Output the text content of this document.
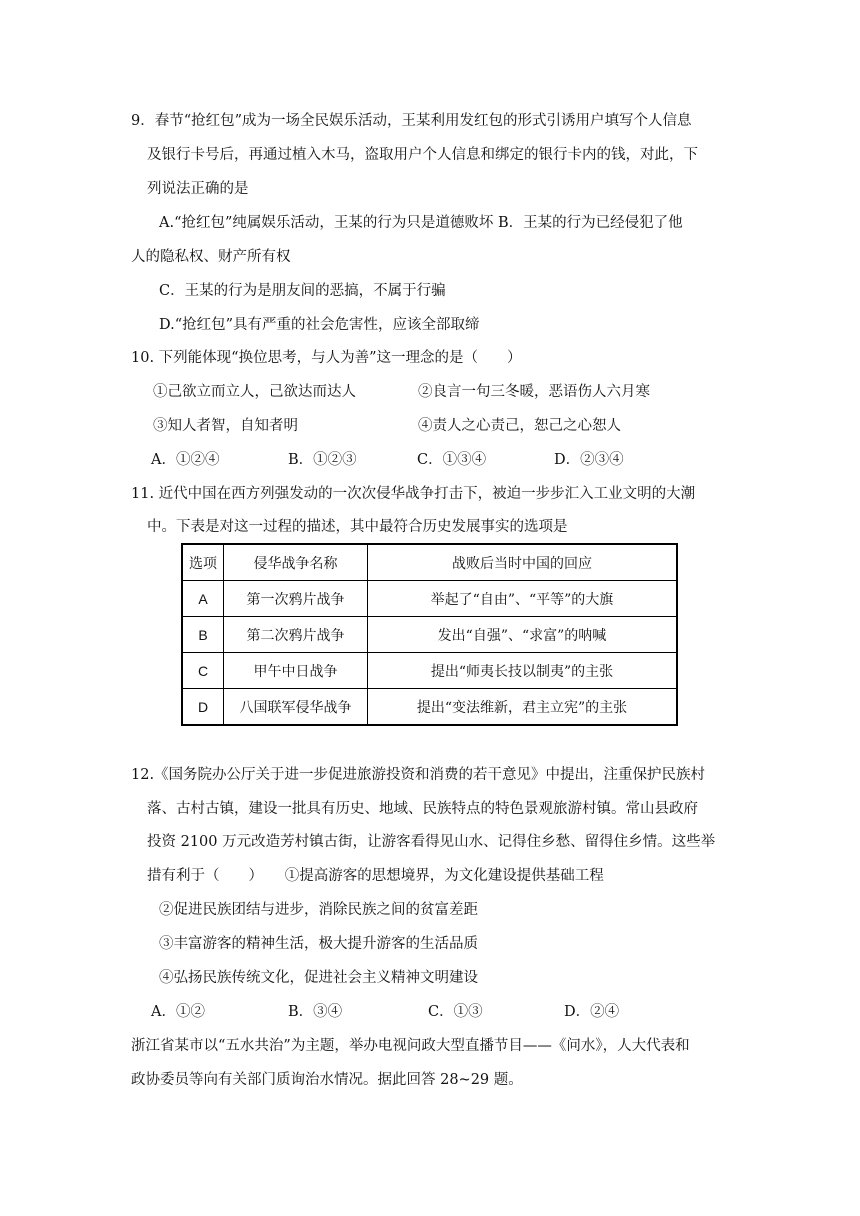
9．春节“抢红包”成为一场全民娱乐活动，王某利用发红包的形式引诱用户填写个人信息
及银行卡号后，再通过植入木马，盗取用户个人信息和绑定的银行卡内的钱，对此，下
列说法正确的是
A.“抢红包”纯属娱乐活动，王某的行为只是道德败坏 B．王某的行为已经侵犯了他
人的隐私权、财产所有权
C．王某的行为是朋友间的恶搞，不属于行骗
D.“抢红包”具有严重的社会危害性，应该全部取缔
10. 下列能体现“换位思考，与人为善”这一理念的是（　　）
①己欲立而立人，己欲达而达人	②良言一句三冬暖，恶语伤人六月寒
③知人者智，自知者明	④责人之心责己，恕己之心恕人
A．①②④	B．①②③	C．①③④	D．②③④
11. 近代中国在西方列强发动的一次次侵华战争打击下，被迫一步步汇入工业文明的大潮
中。下表是对这一过程的描述，其中最符合历史发展事实的选项是
选项	侵华战争名称	战败后当时中国的回应
A	第一次鸦片战争	举起了“自由”、“平等”的大旗
B	第二次鸦片战争	发出“自强”、“求富”的呐喊
C	甲午中日战争	提出“师夷长技以制夷”的主张
D	八国联军侵华战争	提出“变法维新，君主立宪”的主张
12.《国务院办公厅关于进一步促进旅游投资和消费的若干意见》中提出，注重保护民族村
落、古村古镇，建设一批具有历史、地域、民族特点的特色景观旅游村镇。常山县政府
投资 2100 万元改造芳村镇古街，让游客看得见山水、记得住乡愁、留得住乡情。这些举
措有利于（　　）　　①提高游客的思想境界，为文化建设提供基础工程
②促进民族团结与进步，消除民族之间的贫富差距
③丰富游客的精神生活，极大提升游客的生活品质
④弘扬民族传统文化，促进社会主义精神文明建设
A．①②	B．③④	C．①③	D．②④
浙江省某市以“五水共治”为主题，举办电视问政大型直播节目——《问水》，人大代表和
政协委员等向有关部门质询治水情况。据此回答 28~29 题。
